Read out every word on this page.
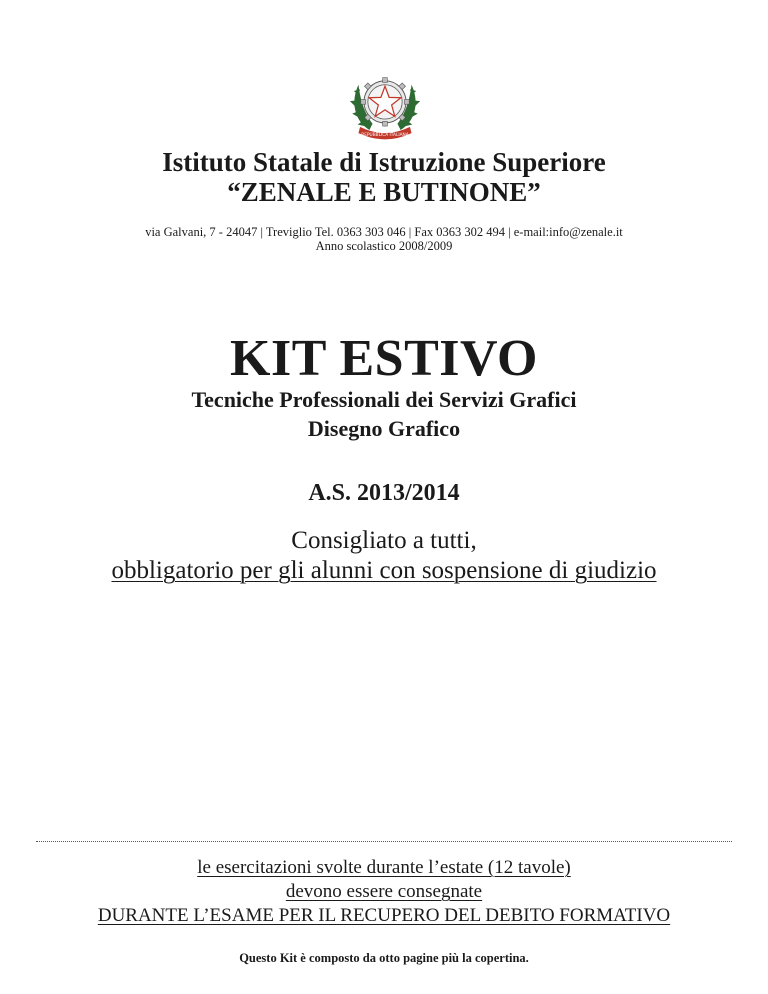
REPUBBLICA ITALIANA
Istituto Statale di Istruzione Superiore
“ZENALE E BUTINONE”
via Galvani, 7 - 24047 | Treviglio Tel. 0363 303 046 | Fax 0363 302 494 | e-mail:info@zenale.it
Anno scolastico 2008/2009
KIT ESTIVO
Tecniche Professionali dei Servizi Grafici
Disegno Grafico
A.S. 2013/2014
Consigliato a tutti,
obbligatorio per gli alunni con sospensione di giudizio
le esercitazioni svolte durante l’estate (12 tavole)
devono essere consegnate
DURANTE L’ESAME PER IL RECUPERO DEL DEBITO FORMATIVO
Questo Kit è composto da otto pagine più la copertina.
